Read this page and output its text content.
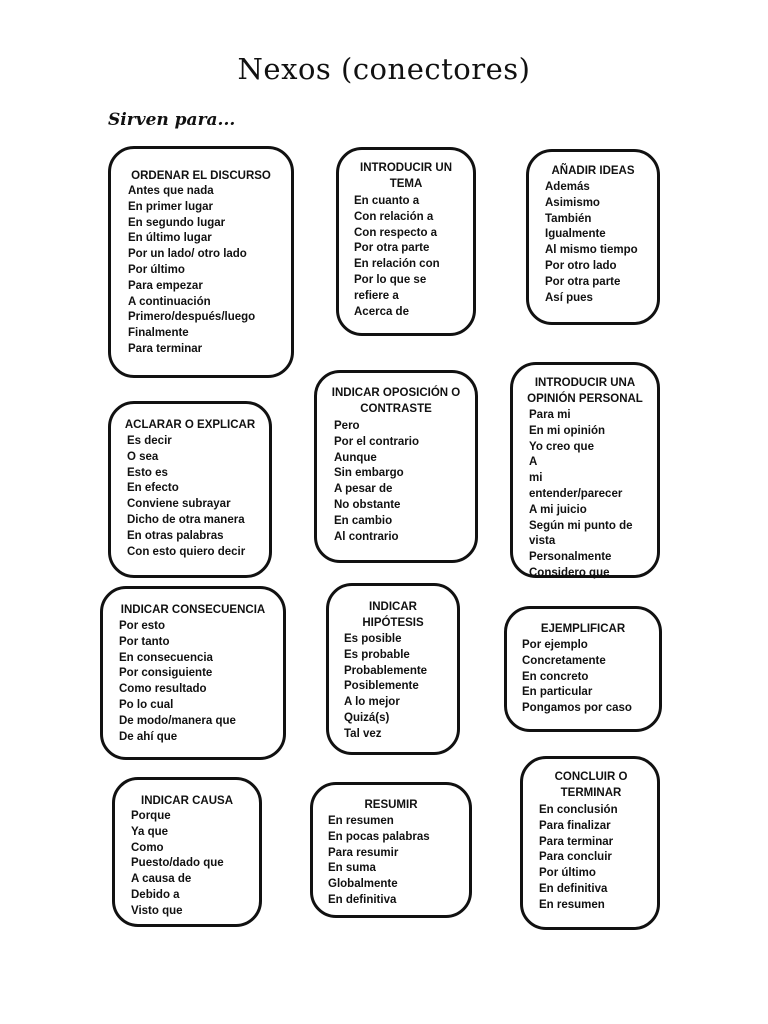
Nexos (conectores)
Sirven para...
ORDENAR EL DISCURSO
Antes que nada
En primer lugar
En segundo lugar
En último lugar
Por un lado/ otro lado
Por último
Para empezar
A continuación
Primero/después/luego
Finalmente
Para terminar
INTRODUCIR UN TEMA
En cuanto a
Con relación a
Con respecto a
Por otra parte
En relación con
Por lo que se refiere a
Acerca de
AÑADIR IDEAS
Además
Asimismo
También
Igualmente
Al mismo tiempo
Por otro lado
Por otra parte
Así pues
ACLARAR O EXPLICAR
Es decir
O sea
Esto es
En efecto
Conviene subrayar
Dicho de otra manera
En otras palabras
Con esto quiero decir
INDICAR OPOSICIÓN O CONTRASTE
Pero
Por el contrario
Aunque
Sin embargo
A pesar de
No obstante
En cambio
Al contrario
INTRODUCIR UNA OPINIÓN PERSONAL
Para mi
En mi opinión
Yo creo que
A mi entender/parecer
A mi juicio
Según mi punto de vista
Personalmente
Considero que
INDICAR CONSECUENCIA
Por esto
Por tanto
En consecuencia
Por consiguiente
Como resultado
Po lo cual
De modo/manera que
De ahí que
INDICAR HIPÓTESIS
Es posible
Es probable
Probablemente
Posiblemente
A lo mejor
Quizá(s)
Tal vez
EJEMPLIFICAR
Por ejemplo
Concretamente
En concreto
En particular
Pongamos por caso
INDICAR CAUSA
Porque
Ya que
Como
Puesto/dado que
A causa de
Debido a
Visto que
RESUMIR
En resumen
En pocas palabras
Para resumir
En suma
Globalmente
En definitiva
CONCLUIR O TERMINAR
En conclusión
Para finalizar
Para terminar
Para concluir
Por último
En definitiva
En resumen
